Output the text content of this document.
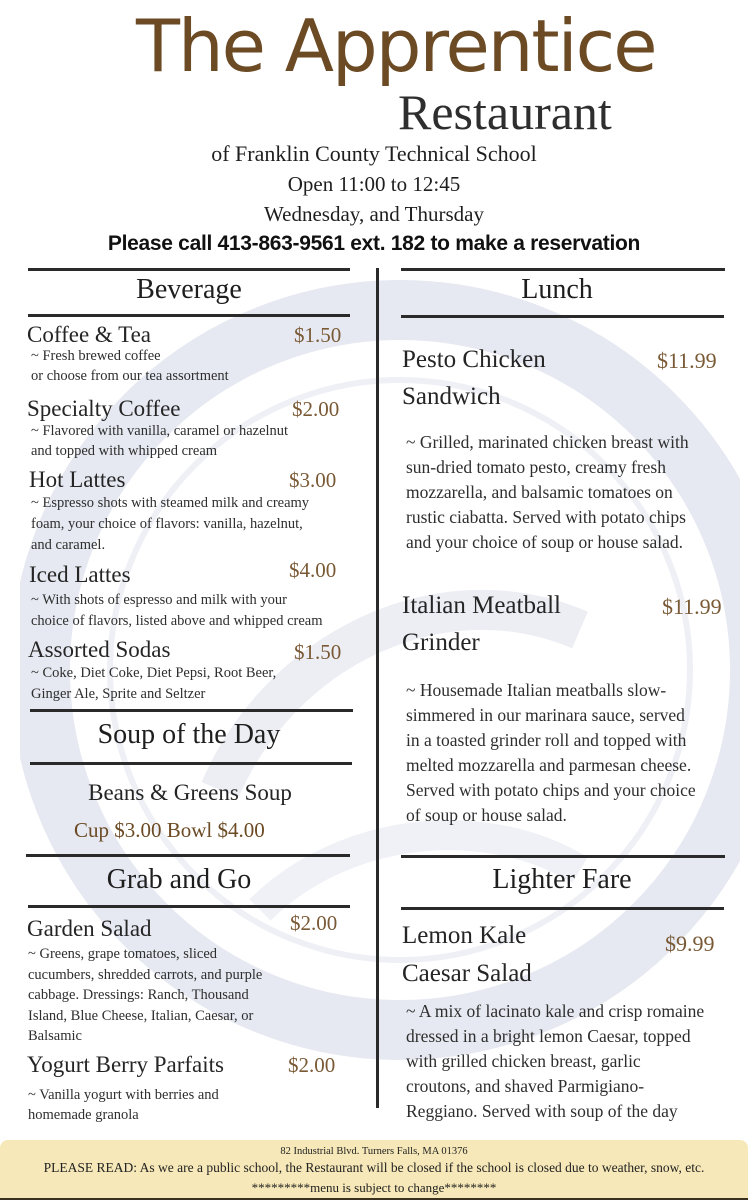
The Apprentice
Restaurant
of Franklin County Technical School
Open 11:00 to 12:45
Wednesday, and Thursday
Please call 413-863-9561 ext. 182 to make a reservation
Beverage
Coffee & Tea	$1.50
~ Fresh brewed coffee
or choose from our tea assortment
Specialty Coffee	$2.00
~ Flavored with vanilla, caramel or hazelnut
and topped with whipped cream
Hot Lattes	$3.00
~ Espresso shots with steamed milk and creamy
foam, your choice of flavors: vanilla, hazelnut,
and caramel.
Iced Lattes	$4.00
~ With shots of espresso and milk with your
choice of flavors, listed above and whipped cream
Assorted Sodas	$1.50
~ Coke, Diet Coke, Diet Pepsi, Root Beer,
Ginger Ale, Sprite and Seltzer
Soup of the Day
Beans & Greens Soup
Cup $3.00 Bowl $4.00
Grab and Go
Garden Salad	$2.00
~ Greens, grape tomatoes, sliced
cucumbers, shredded carrots, and purple
cabbage. Dressings: Ranch, Thousand
Island, Blue Cheese, Italian, Caesar, or
Balsamic
Yogurt Berry Parfaits	$2.00
~ Vanilla yogurt with berries and
homemade granola
Lunch
Pesto Chicken
Sandwich
$11.99
~ Grilled, marinated chicken breast with
sun-dried tomato pesto, creamy fresh
mozzarella, and balsamic tomatoes on
rustic ciabatta. Served with potato chips
and your choice of soup or house salad.
Italian Meatball
Grinder
$11.99
~ Housemade Italian meatballs slow-
simmered in our marinara sauce, served
in a toasted grinder roll and topped with
melted mozzarella and parmesan cheese.
Served with potato chips and your choice
of soup or house salad.
Lighter Fare
Lemon Kale
Caesar Salad
$9.99
~ A mix of lacinato kale and crisp romaine
dressed in a bright lemon Caesar, topped
with grilled chicken breast, garlic
croutons, and shaved Parmigiano-
Reggiano. Served with soup of the day
82 Industrial Blvd. Turners Falls, MA 01376
PLEASE READ: As we are a public school, the Restaurant will be closed if the school is closed due to weather, snow, etc.
*********menu is subject to change********
